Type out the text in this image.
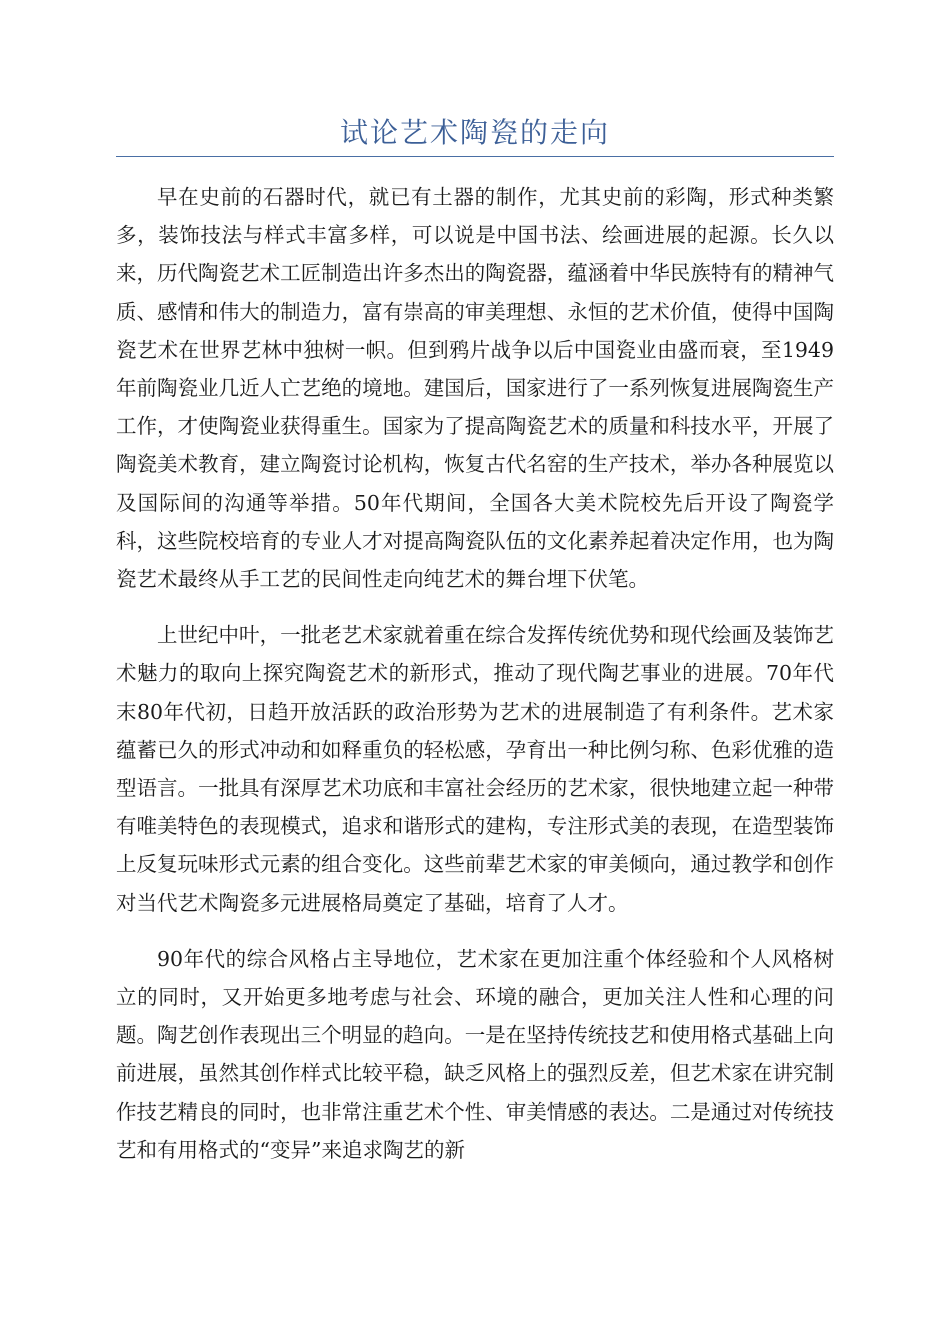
试论艺术陶瓷的走向

早在史前的石器时代，就已有土器的制作，尤其史前的彩陶，形式种类繁多，装饰技法与样式丰富多样，可以说是中国书法、绘画进展的起源。长久以来，历代陶瓷艺术工匠制造出许多杰出的陶瓷器，蕴涵着中华民族特有的精神气质、感情和伟大的制造力，富有崇高的审美理想、永恒的艺术价值，使得中国陶瓷艺术在世界艺林中独树一帜。但到鸦片战争以后中国瓷业由盛而衰，至1949年前陶瓷业几近人亡艺绝的境地。建国后，国家进行了一系列恢复进展陶瓷生产工作，才使陶瓷业获得重生。国家为了提高陶瓷艺术的质量和科技水平，开展了陶瓷美术教育，建立陶瓷讨论机构，恢复古代名窑的生产技术，举办各种展览以及国际间的沟通等举措。50年代期间，全国各大美术院校先后开设了陶瓷学科，这些院校培育的专业人才对提高陶瓷队伍的文化素养起着决定作用，也为陶瓷艺术最终从手工艺的民间性走向纯艺术的舞台埋下伏笔。

上世纪中叶，一批老艺术家就着重在综合发挥传统优势和现代绘画及装饰艺术魅力的取向上探究陶瓷艺术的新形式，推动了现代陶艺事业的进展。70年代末80年代初，日趋开放活跃的政治形势为艺术的进展制造了有利条件。艺术家蕴蓄已久的形式冲动和如释重负的轻松感，孕育出一种比例匀称、色彩优雅的造型语言。一批具有深厚艺术功底和丰富社会经历的艺术家，很快地建立起一种带有唯美特色的表现模式，追求和谐形式的建构，专注形式美的表现，在造型装饰上反复玩味形式元素的组合变化。这些前辈艺术家的审美倾向，通过教学和创作对当代艺术陶瓷多元进展格局奠定了基础，培育了人才。

90年代的综合风格占主导地位，艺术家在更加注重个体经验和个人风格树立的同时，又开始更多地考虑与社会、环境的融合，更加关注人性和心理的问题。陶艺创作表现出三个明显的趋向。一是在坚持传统技艺和使用格式基础上向前进展，虽然其创作样式比较平稳，缺乏风格上的强烈反差，但艺术家在讲究制作技艺精良的同时，也非常注重艺术个性、审美情感的表达。二是通过对传统技艺和有用格式的“变异”来追求陶艺的新
